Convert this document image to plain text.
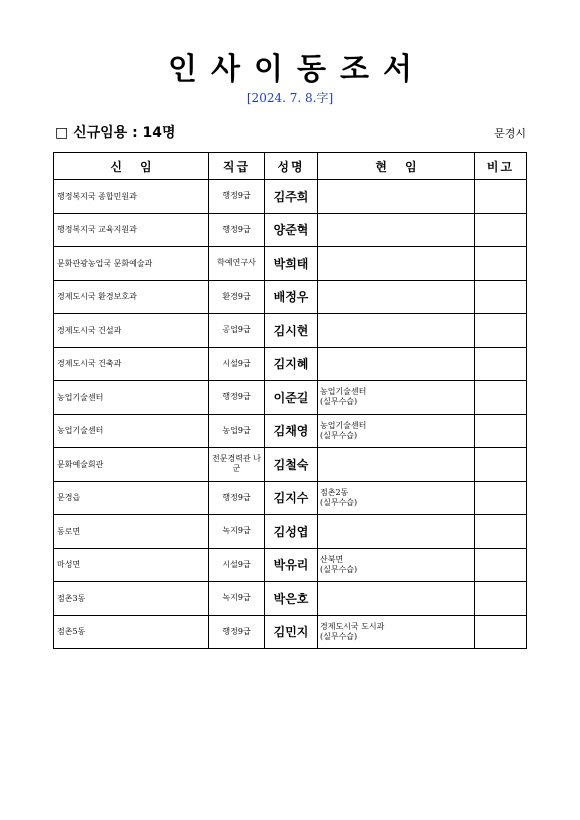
인사이동조서
[2024. 7. 8.字]
□ 신규임용 : 14명	문경시
신임	직급	성명	현임	비고
행정복지국 종합민원과	행정9급	김주희	

행정복지국 교육지원과	행정9급	양준혁	

문화관광농업국 문화예술과	학예연구사	박희태	

경제도시국 환경보호과	환경9급	배정우	

경제도시국 건설과	공업9급	김시현	

경제도시국 건축과	시설9급	김지혜	

농업기술센터	행정9급	이준길	농업기술센터
(실무수습)	

농업기술센터	농업9급	김채영	농업기술센터
(실무수습)	

문화예술회관	전문경력관 나군	김철숙	

문경읍	행정9급	김지수	점촌2동
(실무수습)	

동로면	녹지9급	김성엽	

마성면	시설9급	박유리	산북면
(실무수습)	

점촌3동	녹지9급	박은호	

점촌5동	행정9급	김민지	경제도시국 도시과
(실무수습)	
